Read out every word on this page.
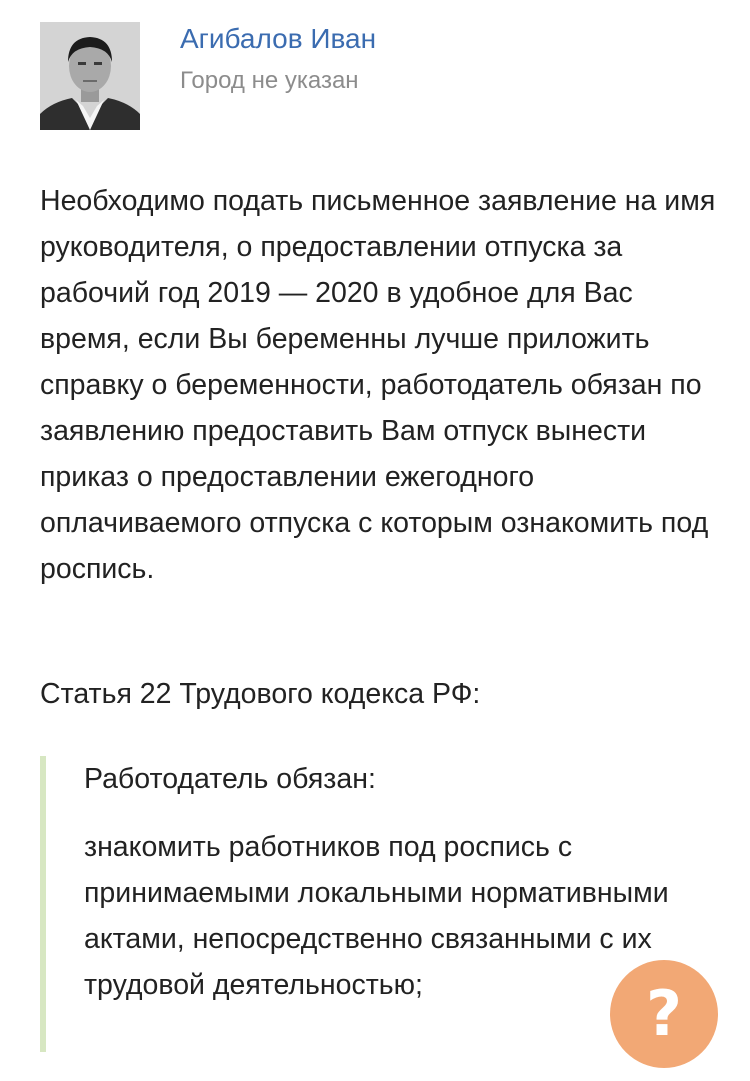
Агибалов Иван
Город не указан

Необходимо подать письменное заявление на имя руководителя, о предоставлении отпуска за рабочий год 2019 — 2020 в удобное для Вас время, если Вы беременны лучше приложить справку о беременности, работодатель обязан по заявлению предоставить Вам отпуск вынести приказ о предоставлении ежегодного оплачиваемого отпуска с которым ознакомить под роспись.

Статья 22 Трудового кодекса РФ:

Работодатель обязан:

знакомить работников под роспись с принимаемыми локальными нормативными актами, непосредственно связанными с их трудовой деятельностью;	?
